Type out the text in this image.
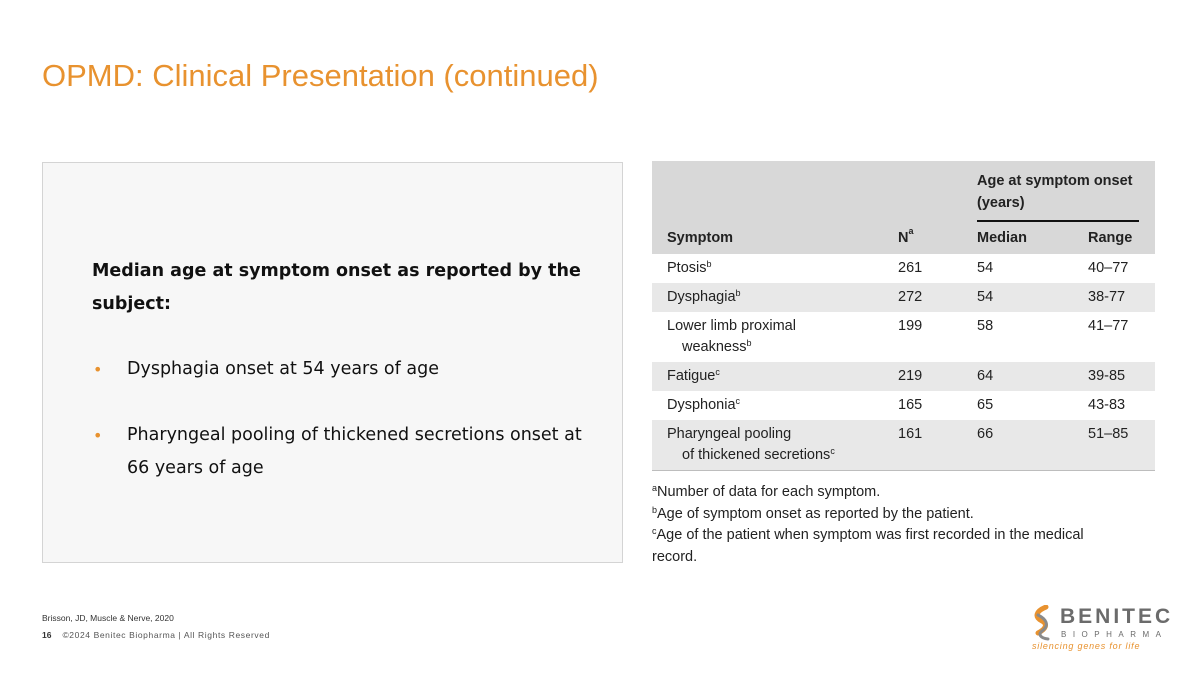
OPMD: Clinical Presentation (continued)

Median age at symptom onset as reported by the subject:

• Dysphagia onset at 54 years of age
• Pharyngeal pooling of thickened secretions onset at 66 years of age

		Age at symptom onset (years)	

Symptom	$N^a$	Median	Range
Ptosis$^b$	261	54	40–77
Dysphagia$^b$	272	54	38-77
Lower limb proximal
weakness$^b$	199	58	41–77
Fatigue$^c$	219	64	39-85
Dysphonia$^c$	165	65	43-83
Pharyngeal pooling
of thickened secretions$^c$	161	66	51–85

$^a$Number of data for each symptom.

$^b$Age of symptom onset as reported by the patient.

$^c$Age of the patient when symptom was first recorded in the medical record.

Brisson, JD, Muscle & Nerve, 2020
16 ©2024 Benitec Biopharma | All Rights Reserved
BENITEC
BIOPHARMA
silencing genes for life
